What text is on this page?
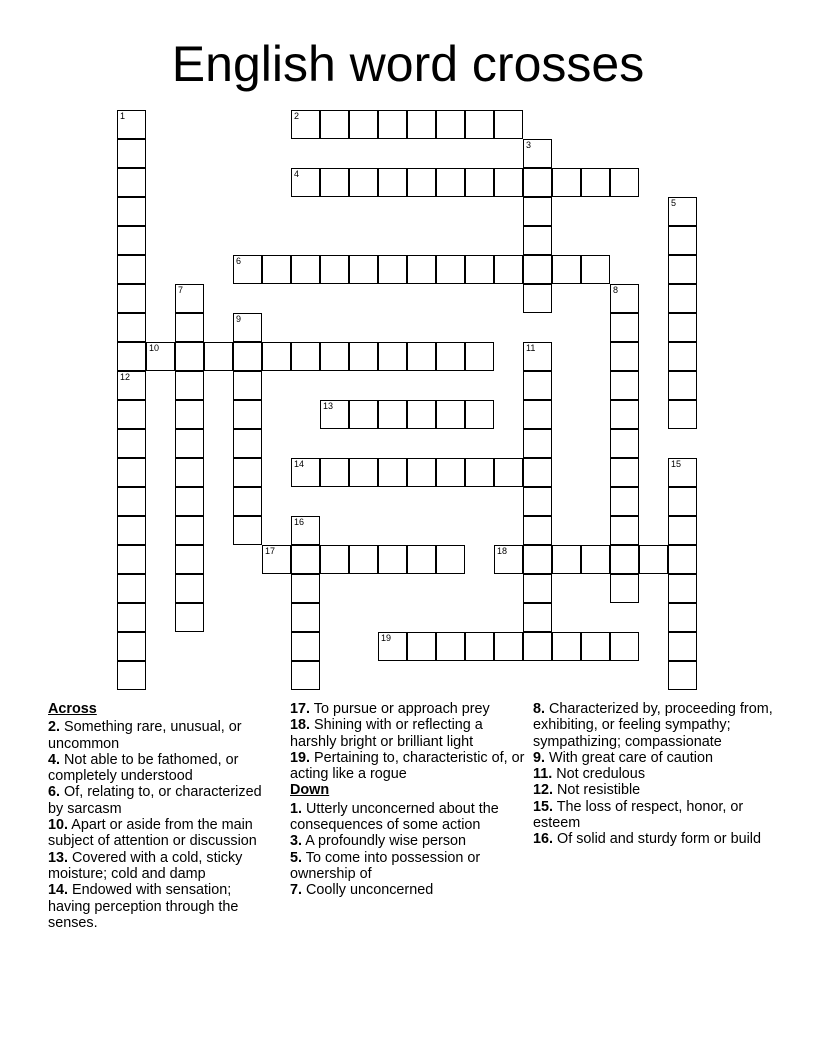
English word crosses
1
12
2
3
4
5
6
7	8
9
10	11
13
14	15
16
17	18
19
Across
2. Something rare, unusual, or uncommon
4. Not able to be fathomed, or completely understood
6. Of, relating to, or characterized by sarcasm
10. Apart or aside from the main subject of attention or discussion
13. Covered with a cold, sticky moisture; cold and damp
14. Endowed with sensation; having perception through the senses.
17. To pursue or approach prey
18. Shining with or reflecting a harshly bright or brilliant light
19. Pertaining to, characteristic of, or acting like a rogue
Down
1. Utterly unconcerned about the consequences of some action
3. A profoundly wise person
5. To come into possession or ownership of
7. Coolly unconcerned
8. Characterized by, proceeding from, exhibiting, or feeling sympathy; sympathizing; compassionate
9. With great care of caution
11. Not credulous
12. Not resistible
15. The loss of respect, honor, or esteem
16. Of solid and sturdy form or build
